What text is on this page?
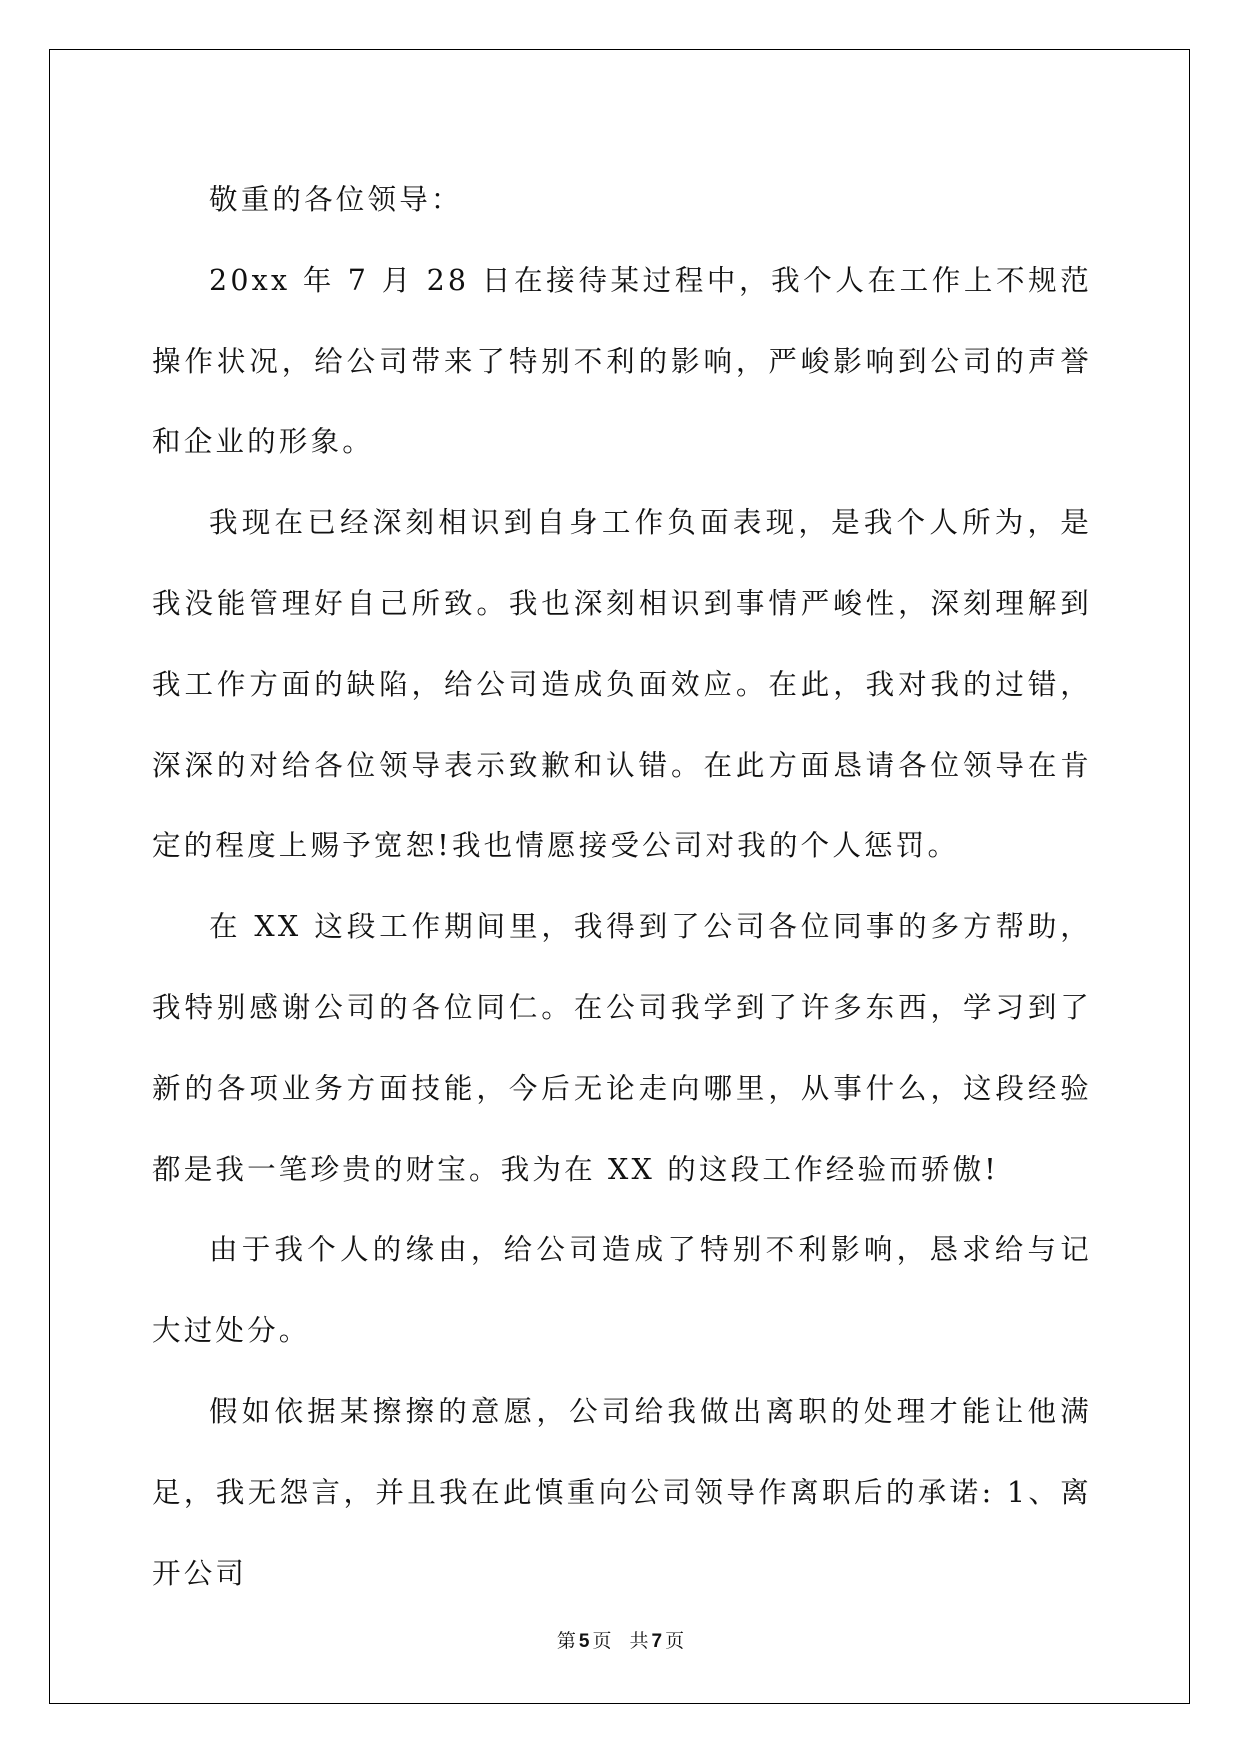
敬重的各位领导：

20xx 年 7 月 28 日在接待某过程中，我个人在工作上不规范操作状况，给公司带来了特别不利的影响，严峻影响到公司的声誉和企业的形象。

我现在已经深刻相识到自身工作负面表现，是我个人所为，是我没能管理好自己所致。我也深刻相识到事情严峻性，深刻理解到我工作方面的缺陷，给公司造成负面效应。在此，我对我的过错，深深的对给各位领导表示致歉和认错。在此方面恳请各位领导在肯定的程度上赐予宽恕!我也情愿接受公司对我的个人惩罚。

在 XX 这段工作期间里，我得到了公司各位同事的多方帮助，我特别感谢公司的各位同仁。在公司我学到了许多东西，学习到了新的各项业务方面技能，今后无论走向哪里，从事什么，这段经验都是我一笔珍贵的财宝。我为在 XX 的这段工作经验而骄傲!

由于我个人的缘由，给公司造成了特别不利影响，恳求给与记大过处分。

假如依据某擦擦的意愿，公司给我做出离职的处理才能让他满足，我无怨言，并且我在此慎重向公司领导作离职后的承诺: 1、离开公司

第 5 页 共 7 页
